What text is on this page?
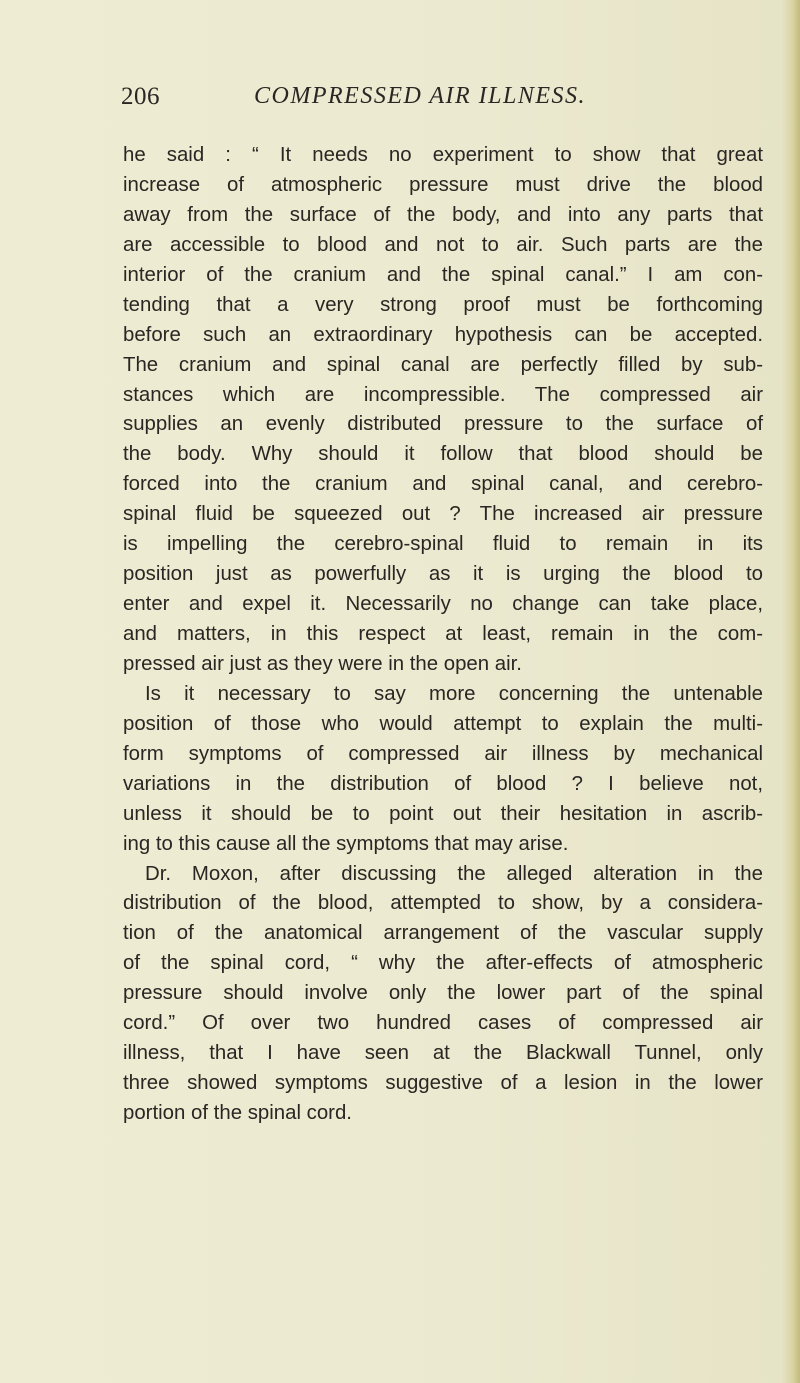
206	COMPRESSED AIR ILLNESS.
he said : “ It needs no experiment to show that great
increase of atmospheric pressure must drive the blood
away from the surface of the body, and into any parts that
are accessible to blood and not to air. Such parts are the
interior of the cranium and the spinal canal.” I am con-
tending that a very strong proof must be forthcoming
before such an extraordinary hypothesis can be accepted.
The cranium and spinal canal are perfectly filled by sub-
stances which are incompressible. The compressed air
supplies an evenly distributed pressure to the surface of
the body. Why should it follow that blood should be
forced into the cranium and spinal canal, and cerebro-
spinal fluid be squeezed out ? The increased air pressure
is impelling the cerebro-spinal fluid to remain in its
position just as powerfully as it is urging the blood to
enter and expel it. Necessarily no change can take place,
and matters, in this respect at least, remain in the com-
pressed air just as they were in the open air.
Is it necessary to say more concerning the untenable
position of those who would attempt to explain the multi-
form symptoms of compressed air illness by mechanical
variations in the distribution of blood ? I believe not,
unless it should be to point out their hesitation in ascrib-
ing to this cause all the symptoms that may arise.
Dr. Moxon, after discussing the alleged alteration in the
distribution of the blood, attempted to show, by a considera-
tion of the anatomical arrangement of the vascular supply
of the spinal cord, “ why the after-effects of atmospheric
pressure should involve only the lower part of the spinal
cord.” Of over two hundred cases of compressed air
illness, that I have seen at the Blackwall Tunnel, only
three showed symptoms suggestive of a lesion in the lower
portion of the spinal cord.
